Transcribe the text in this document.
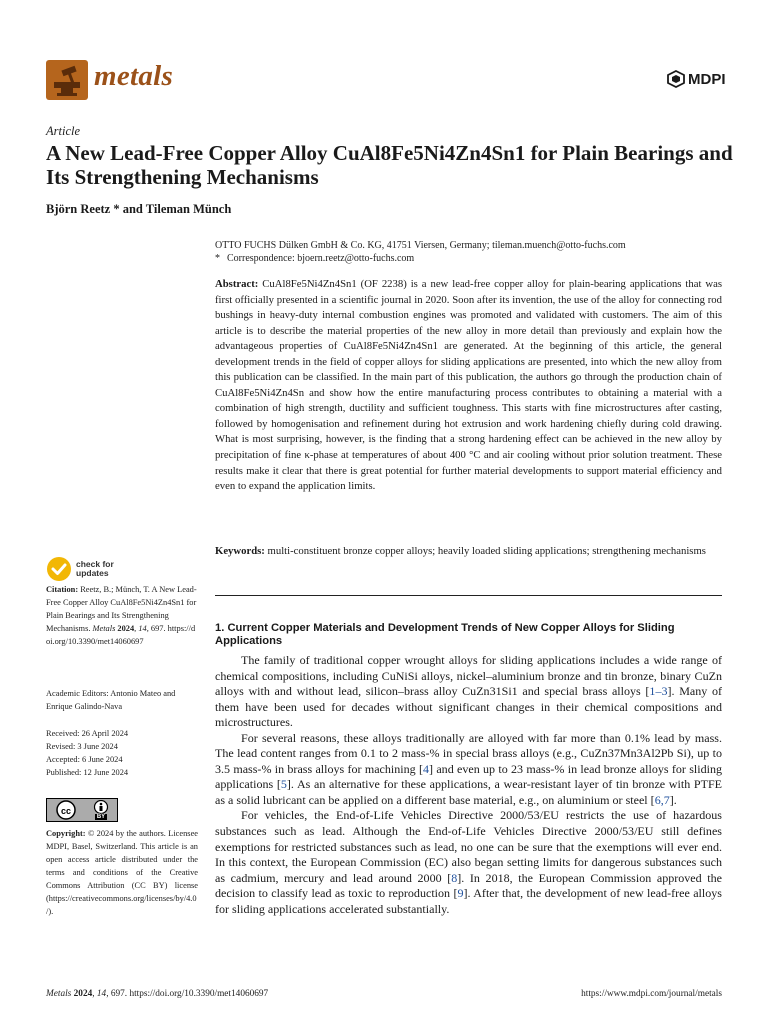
metals	MDPI
Article
A New Lead-Free Copper Alloy CuAl8Fe5Ni4Zn4Sn1 for Plain Bearings and Its Strengthening Mechanisms
Björn Reetz * and Tileman Münch
OTTO FUCHS Dülken GmbH & Co. KG, 41751 Viersen, Germany; tileman.muench@otto-fuchs.com
* Correspondence: bjoern.reetz@otto-fuchs.com
Abstract: CuAl8Fe5Ni4Zn4Sn1 (OF 2238) is a new lead-free copper alloy for plain-bearing applications that was first officially presented in a scientific journal in 2020. Soon after its invention, the use of the alloy for connecting rod bushings in heavy-duty internal combustion engines was promoted and validated with customers. The aim of this article is to describe the material properties of the new alloy in more detail than previously and explain how the advantageous properties of CuAl8Fe5Ni4Zn4Sn1 are generated. At the beginning of this article, the general development trends in the field of copper alloys for sliding applications are presented, into which the new alloy from this publication can be classified. In the main part of this publication, the authors go through the production chain of CuAl8Fe5Ni4Zn4Sn and show how the entire manufacturing process contributes to obtaining a material with a combination of high strength, ductility and sufficient toughness. This starts with fine microstructures after casting, followed by homogenisation and refinement during hot extrusion and work hardening chiefly during cold drawing. What is most surprising, however, is the finding that a strong hardening effect can be achieved in the new alloy by precipitation of fine κ-phase at temperatures of about 400 °C and air cooling without prior solution treatment. These results make it clear that there is great potential for further material developments to support material efficiency and even to expand the application limits.
Keywords: multi-constituent bronze copper alloys; heavily loaded sliding applications; strengthening mechanisms
check for updates
Citation: Reetz, B.; Münch, T. A New Lead-Free Copper Alloy CuAl8Fe5Ni4Zn4Sn1 for Plain Bearings and Its Strengthening Mechanisms. Metals 2024, 14, 697. https://doi.org/10.3390/met14060697
Academic Editors: Antonio Mateo and Enrique Galindo-Nava
Received: 26 April 2024
Revised: 3 June 2024
Accepted: 6 June 2024
Published: 12 June 2024
cc
BY
Copyright: © 2024 by the authors. Licensee MDPI, Basel, Switzerland. This article is an open access article distributed under the terms and conditions of the Creative Commons Attribution (CC BY) license (https://creativecommons.org/licenses/by/4.0/).
1. Current Copper Materials and Development Trends of New Copper Alloys for Sliding Applications

The family of traditional copper wrought alloys for sliding applications includes a wide range of chemical compositions, including CuNiSi alloys, nickel–aluminium bronze and tin bronze, binary CuZn alloys with and without lead, silicon–brass alloy CuZn31Si1 and special brass alloys [1–3]. Many of them have been used for decades without significant changes in their chemical compositions and microstructures.

For several reasons, these alloys traditionally are alloyed with far more than 0.1% lead by mass. The lead content ranges from 0.1 to 2 mass-% in special brass alloys (e.g., CuZn37Mn3Al2Pb Si), up to 3.5 mass-% in brass alloys for machining [4] and even up to 23 mass-% in lead bronze alloys for sliding applications [5]. As an alternative for these applications, a wear-resistant layer of tin bronze with PTFE as a solid lubricant can be applied on a different base material, e.g., on aluminium or steel [6,7].

For vehicles, the End-of-Life Vehicles Directive 2000/53/EU restricts the use of hazardous substances such as lead. Although the End-of-Life Vehicles Directive 2000/53/EU still defines exemptions for restricted substances such as lead, no one can be sure that the exemptions will ever end. In this context, the European Commission (EC) also began setting limits for dangerous substances such as cadmium, mercury and lead around 2000 [8]. In 2018, the European Commission approved the decision to classify lead as toxic to reproduction [9]. After that, the development of new lead-free alloys for sliding applications accelerated substantially.

Metals 2024, 14, 697. https://doi.org/10.3390/met14060697	https://www.mdpi.com/journal/metals
